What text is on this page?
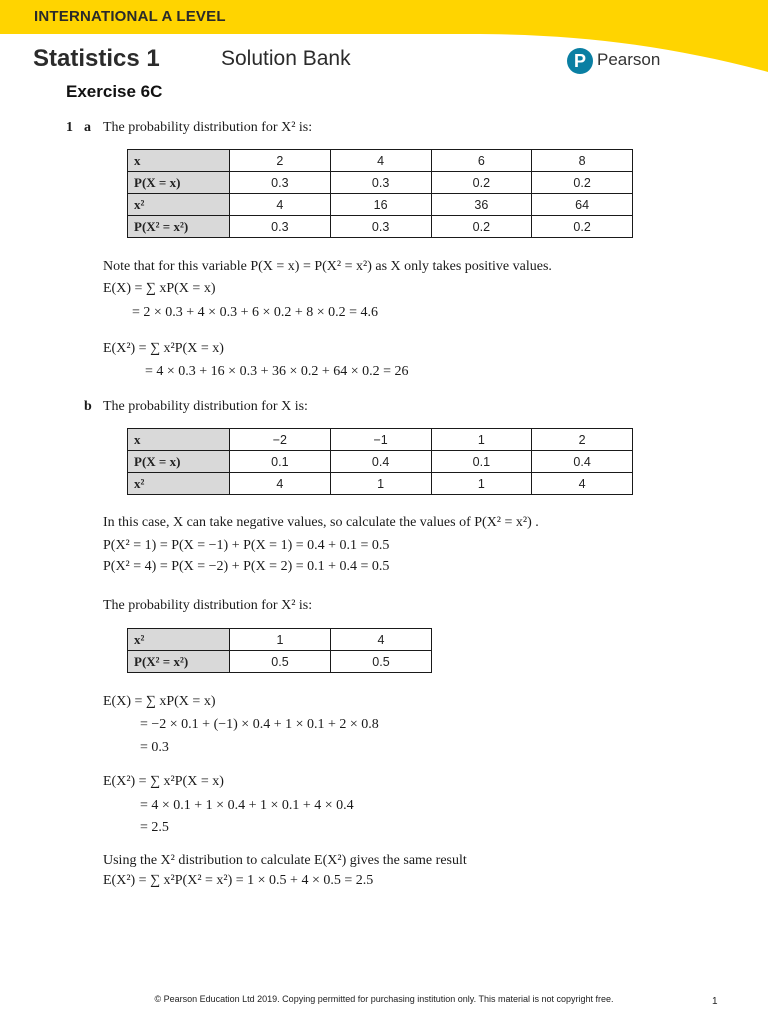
INTERNATIONAL A LEVEL
Statistics 1	Solution Bank	P Pearson
Exercise 6C
1 a The probability distribution for X² is:
x	2	4	6	8
P(X = x)	0.3	0.3	0.2	0.2
x²	4	16	36	64
P(X² = x²)	0.3	0.3	0.2	0.2
Note that for this variable P(X = x) = P(X² = x²) as X only takes positive values.
E(X) = ∑ xP(X = x)
= 2 × 0.3 + 4 × 0.3 + 6 × 0.2 + 8 × 0.2 = 4.6
E(X²) = ∑ x²P(X = x)
= 4 × 0.3 + 16 × 0.3 + 36 × 0.2 + 64 × 0.2 = 26
b The probability distribution for X is:
x	−2	−1	1	2
P(X = x)	0.1	0.4	0.1	0.4
x²	4	1	1	4
In this case, X can take negative values, so calculate the values of P(X² = x²) .
P(X² = 1) = P(X = −1) + P(X = 1) = 0.4 + 0.1 = 0.5
P(X² = 4) = P(X = −2) + P(X = 2) = 0.1 + 0.4 = 0.5
The probability distribution for X² is:
x²	1	4
P(X² = x²)	0.5	0.5
E(X) = ∑ xP(X = x)
= −2 × 0.1 + (−1) × 0.4 + 1 × 0.1 + 2 × 0.8
= 0.3
E(X²) = ∑ x²P(X = x)
= 4 × 0.1 + 1 × 0.4 + 1 × 0.1 + 4 × 0.4
= 2.5
Using the X² distribution to calculate E(X²) gives the same result
E(X²) = ∑ x²P(X² = x²) = 1 × 0.5 + 4 × 0.5 = 2.5
© Pearson Education Ltd 2019. Copying permitted for purchasing institution only. This material is not copyright free.	1
